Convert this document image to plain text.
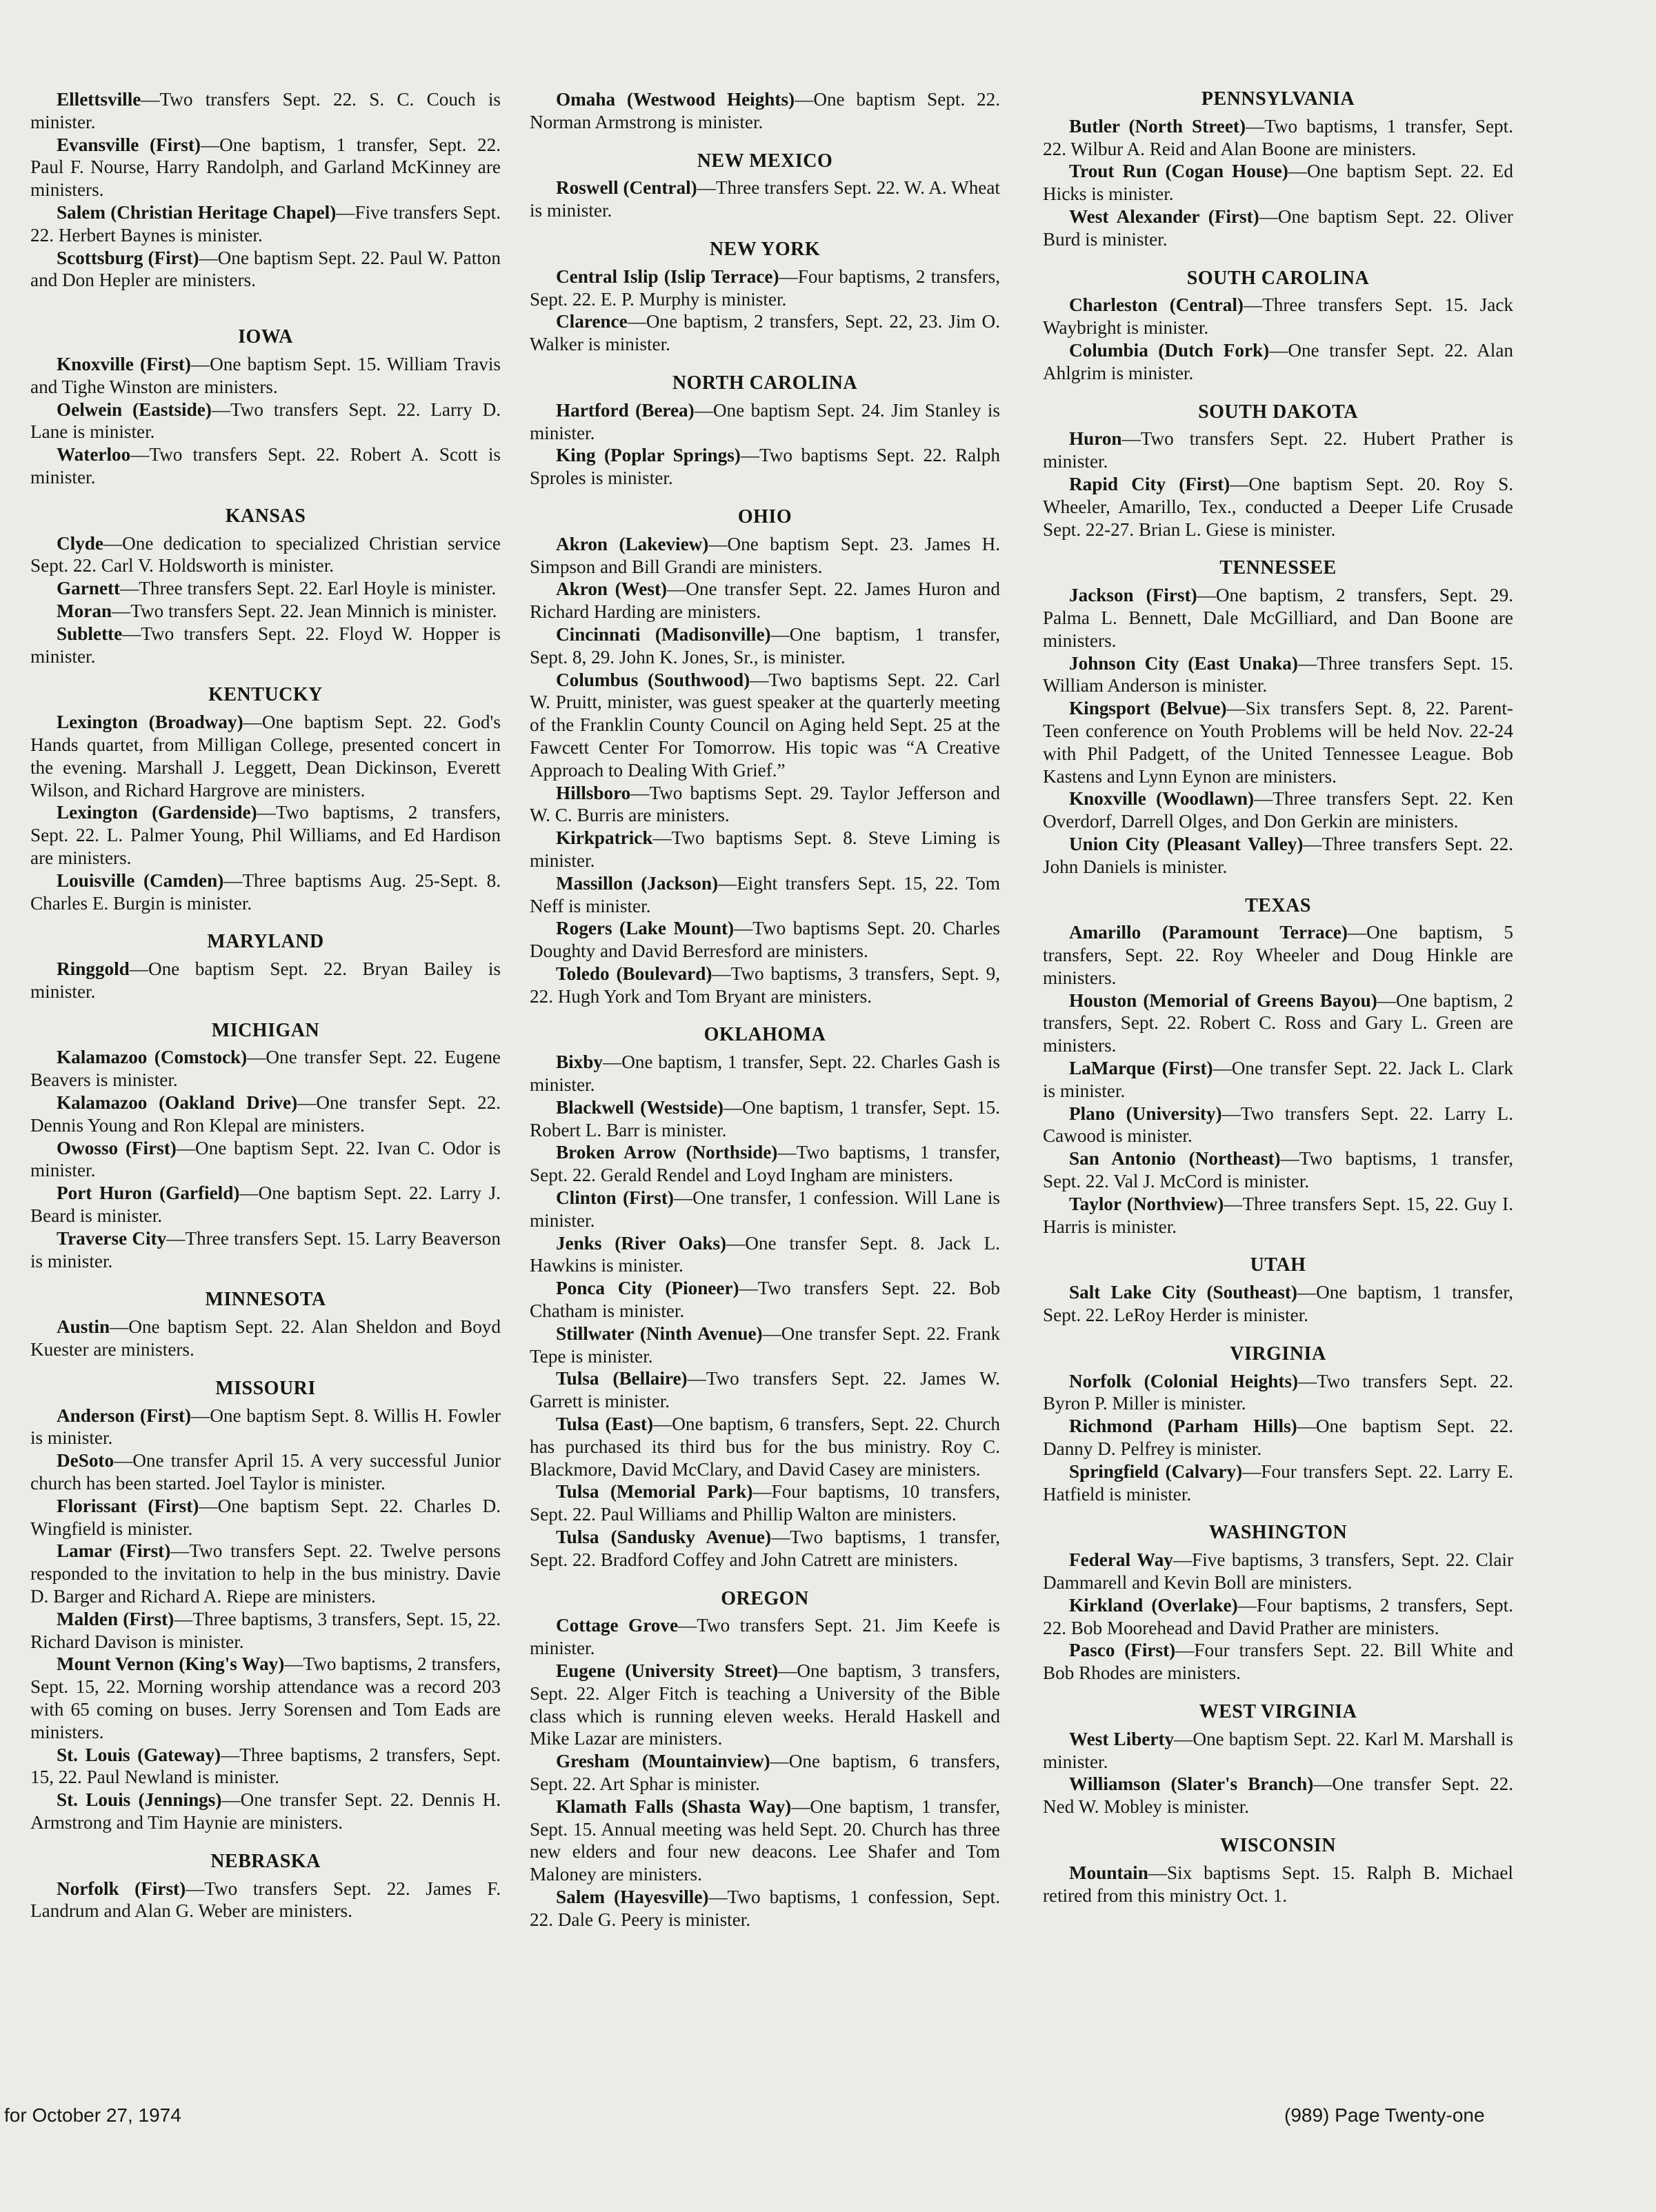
Ellettsville—Two transfers Sept. 22. S. C. Couch is minister.

Evansville (First)—One baptism, 1 transfer, Sept. 22. Paul F. Nourse, Harry Randolph, and Garland McKinney are ministers.

Salem (Christian Heritage Chapel)—Five transfers Sept. 22. Herbert Baynes is minister.

Scottsburg (First)—One baptism Sept. 22. Paul W. Patton and Don Hepler are ministers.

IOWA

Knoxville (First)—One baptism Sept. 15. William Travis and Tighe Winston are ministers.

Oelwein (Eastside)—Two transfers Sept. 22. Larry D. Lane is minister.

Waterloo—Two transfers Sept. 22. Robert A. Scott is minister.

KANSAS

Clyde—One dedication to specialized Christian service Sept. 22. Carl V. Holdsworth is minister.

Garnett—Three transfers Sept. 22. Earl Hoyle is minister.

Moran—Two transfers Sept. 22. Jean Minnich is minister.

Sublette—Two transfers Sept. 22. Floyd W. Hopper is minister.

KENTUCKY

Lexington (Broadway)—One baptism Sept. 22. God's Hands quartet, from Milligan College, presented concert in the evening. Marshall J. Leggett, Dean Dickinson, Everett Wilson, and Richard Hargrove are ministers.

Lexington (Gardenside)—Two baptisms, 2 transfers, Sept. 22. L. Palmer Young, Phil Williams, and Ed Hardison are ministers.

Louisville (Camden)—Three baptisms Aug. 25-Sept. 8. Charles E. Burgin is minister.

MARYLAND

Ringgold—One baptism Sept. 22. Bryan Bailey is minister.

MICHIGAN

Kalamazoo (Comstock)—One transfer Sept. 22. Eugene Beavers is minister.

Kalamazoo (Oakland Drive)—One transfer Sept. 22. Dennis Young and Ron Klepal are ministers.

Owosso (First)—One baptism Sept. 22. Ivan C. Odor is minister.

Port Huron (Garfield)—One baptism Sept. 22. Larry J. Beard is minister.

Traverse City—Three transfers Sept. 15. Larry Beaverson is minister.

MINNESOTA

Austin—One baptism Sept. 22. Alan Sheldon and Boyd Kuester are ministers.

MISSOURI

Anderson (First)—One baptism Sept. 8. Willis H. Fowler is minister.

DeSoto—One transfer April 15. A very successful Junior church has been started. Joel Taylor is minister.

Florissant (First)—One baptism Sept. 22. Charles D. Wingfield is minister.

Lamar (First)—Two transfers Sept. 22. Twelve persons responded to the invitation to help in the bus ministry. Davie D. Barger and Richard A. Riepe are ministers.

Malden (First)—Three baptisms, 3 transfers, Sept. 15, 22. Richard Davison is minister.

Mount Vernon (King's Way)—Two baptisms, 2 transfers, Sept. 15, 22. Morning worship attendance was a record 203 with 65 coming on buses. Jerry Sorensen and Tom Eads are ministers.

St. Louis (Gateway)—Three baptisms, 2 transfers, Sept. 15, 22. Paul Newland is minister.

St. Louis (Jennings)—One transfer Sept. 22. Dennis H. Armstrong and Tim Haynie are ministers.

NEBRASKA

Norfolk (First)—Two transfers Sept. 22. James F. Landrum and Alan G. Weber are ministers.

Omaha (Westwood Heights)—One baptism Sept. 22. Norman Armstrong is minister.

NEW MEXICO

Roswell (Central)—Three transfers Sept. 22. W. A. Wheat is minister.

NEW YORK

Central Islip (Islip Terrace)—Four baptisms, 2 transfers, Sept. 22. E. P. Murphy is minister.

Clarence—One baptism, 2 transfers, Sept. 22, 23. Jim O. Walker is minister.

NORTH CAROLINA

Hartford (Berea)—One baptism Sept. 24. Jim Stanley is minister.

King (Poplar Springs)—Two baptisms Sept. 22. Ralph Sproles is minister.

OHIO

Akron (Lakeview)—One baptism Sept. 23. James H. Simpson and Bill Grandi are ministers.

Akron (West)—One transfer Sept. 22. James Huron and Richard Harding are ministers.

Cincinnati (Madisonville)—One baptism, 1 transfer, Sept. 8, 29. John K. Jones, Sr., is minister.

Columbus (Southwood)—Two baptisms Sept. 22. Carl W. Pruitt, minister, was guest speaker at the quarterly meeting of the Franklin County Council on Aging held Sept. 25 at the Fawcett Center For Tomorrow. His topic was “A Creative Approach to Dealing With Grief.”

Hillsboro—Two baptisms Sept. 29. Taylor Jefferson and W. C. Burris are ministers.

Kirkpatrick—Two baptisms Sept. 8. Steve Liming is minister.

Massillon (Jackson)—Eight transfers Sept. 15, 22. Tom Neff is minister.

Rogers (Lake Mount)—Two baptisms Sept. 20. Charles Doughty and David Berresford are ministers.

Toledo (Boulevard)—Two baptisms, 3 transfers, Sept. 9, 22. Hugh York and Tom Bryant are ministers.

OKLAHOMA

Bixby—One baptism, 1 transfer, Sept. 22. Charles Gash is minister.

Blackwell (Westside)—One baptism, 1 transfer, Sept. 15. Robert L. Barr is minister.

Broken Arrow (Northside)—Two baptisms, 1 transfer, Sept. 22. Gerald Rendel and Loyd Ingham are ministers.

Clinton (First)—One transfer, 1 confession. Will Lane is minister.

Jenks (River Oaks)—One transfer Sept. 8. Jack L. Hawkins is minister.

Ponca City (Pioneer)—Two transfers Sept. 22. Bob Chatham is minister.

Stillwater (Ninth Avenue)—One transfer Sept. 22. Frank Tepe is minister.

Tulsa (Bellaire)—Two transfers Sept. 22. James W. Garrett is minister.

Tulsa (East)—One baptism, 6 transfers, Sept. 22. Church has purchased its third bus for the bus ministry. Roy C. Blackmore, David McClary, and David Casey are ministers.

Tulsa (Memorial Park)—Four baptisms, 10 transfers, Sept. 22. Paul Williams and Phillip Walton are ministers.

Tulsa (Sandusky Avenue)—Two baptisms, 1 transfer, Sept. 22. Bradford Coffey and John Catrett are ministers.

OREGON

Cottage Grove—Two transfers Sept. 21. Jim Keefe is minister.

Eugene (University Street)—One baptism, 3 transfers, Sept. 22. Alger Fitch is teaching a University of the Bible class which is running eleven weeks. Herald Haskell and Mike Lazar are ministers.

Gresham (Mountainview)—One baptism, 6 transfers, Sept. 22. Art Sphar is minister.

Klamath Falls (Shasta Way)—One baptism, 1 transfer, Sept. 15. Annual meeting was held Sept. 20. Church has three new elders and four new deacons. Lee Shafer and Tom Maloney are ministers.

Salem (Hayesville)—Two baptisms, 1 confession, Sept. 22. Dale G. Peery is minister.

PENNSYLVANIA

Butler (North Street)—Two baptisms, 1 transfer, Sept. 22. Wilbur A. Reid and Alan Boone are ministers.

Trout Run (Cogan House)—One baptism Sept. 22. Ed Hicks is minister.

West Alexander (First)—One baptism Sept. 22. Oliver Burd is minister.

SOUTH CAROLINA

Charleston (Central)—Three transfers Sept. 15. Jack Waybright is minister.

Columbia (Dutch Fork)—One transfer Sept. 22. Alan Ahlgrim is minister.

SOUTH DAKOTA

Huron—Two transfers Sept. 22. Hubert Prather is minister.

Rapid City (First)—One baptism Sept. 20. Roy S. Wheeler, Amarillo, Tex., conducted a Deeper Life Crusade Sept. 22-27. Brian L. Giese is minister.

TENNESSEE

Jackson (First)—One baptism, 2 transfers, Sept. 29. Palma L. Bennett, Dale McGilliard, and Dan Boone are ministers.

Johnson City (East Unaka)—Three transfers Sept. 15. William Anderson is minister.

Kingsport (Belvue)—Six transfers Sept. 8, 22. Parent-Teen conference on Youth Problems will be held Nov. 22-24 with Phil Padgett, of the United Tennessee League. Bob Kastens and Lynn Eynon are ministers.

Knoxville (Woodlawn)—Three transfers Sept. 22. Ken Overdorf, Darrell Olges, and Don Gerkin are ministers.

Union City (Pleasant Valley)—Three transfers Sept. 22. John Daniels is minister.

TEXAS

Amarillo (Paramount Terrace)—One baptism, 5 transfers, Sept. 22. Roy Wheeler and Doug Hinkle are ministers.

Houston (Memorial of Greens Bayou)—One baptism, 2 transfers, Sept. 22. Robert C. Ross and Gary L. Green are ministers.

LaMarque (First)—One transfer Sept. 22. Jack L. Clark is minister.

Plano (University)—Two transfers Sept. 22. Larry L. Cawood is minister.

San Antonio (Northeast)—Two baptisms, 1 transfer, Sept. 22. Val J. McCord is minister.

Taylor (Northview)—Three transfers Sept. 15, 22. Guy I. Harris is minister.

UTAH

Salt Lake City (Southeast)—One baptism, 1 transfer, Sept. 22. LeRoy Herder is minister.

VIRGINIA

Norfolk (Colonial Heights)—Two transfers Sept. 22. Byron P. Miller is minister.

Richmond (Parham Hills)—One baptism Sept. 22. Danny D. Pelfrey is minister.

Springfield (Calvary)—Four transfers Sept. 22. Larry E. Hatfield is minister.

WASHINGTON

Federal Way—Five baptisms, 3 transfers, Sept. 22. Clair Dammarell and Kevin Boll are ministers.

Kirkland (Overlake)—Four baptisms, 2 transfers, Sept. 22. Bob Moorehead and David Prather are ministers.

Pasco (First)—Four transfers Sept. 22. Bill White and Bob Rhodes are ministers.

WEST VIRGINIA

West Liberty—One baptism Sept. 22. Karl M. Marshall is minister.

Williamson (Slater's Branch)—One transfer Sept. 22. Ned W. Mobley is minister.

WISCONSIN

Mountain—Six baptisms Sept. 15. Ralph B. Michael retired from this ministry Oct. 1.

for October 27, 1974	(989) Page Twenty-one
